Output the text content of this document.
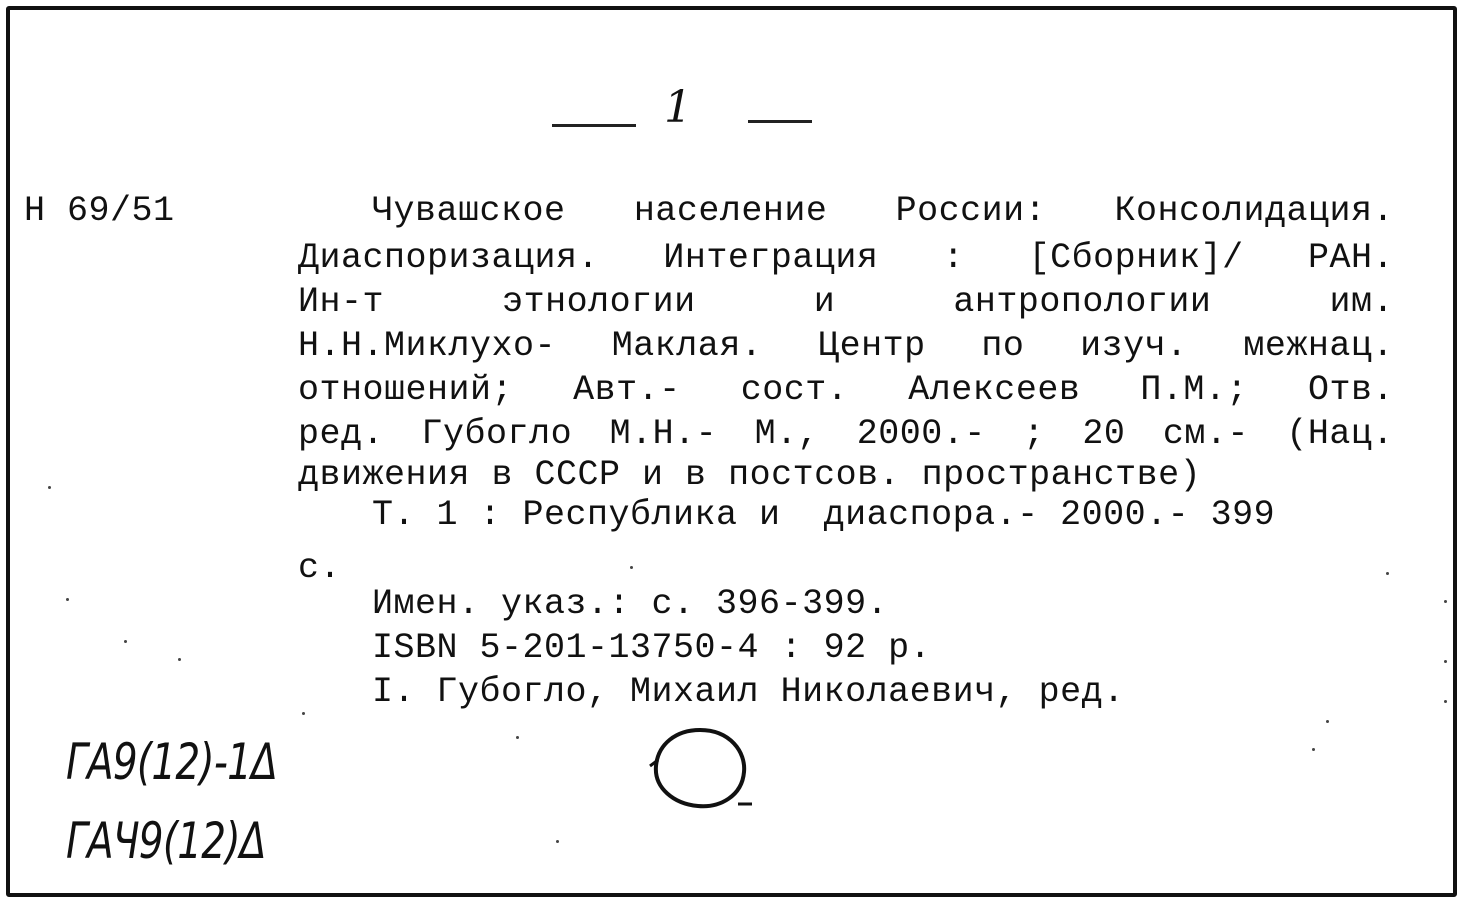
1
Н 69/51	Чувашское население России: Консолидация.
Диаспоризация. Интеграция : [Сборник]/ РАН.
Ин-т	этнологии	и	антропологии	им.
Н.Н.Миклухо- Маклая. Центр по изуч. межнац.
отношений; Авт.- сост. Алексеев П.М.; Отв.
ред. Губогло М.Н.- М., 2000.- ; 20 см.- (Нац.
движения в СССР и в постсов. пространстве)
Т. 1 : Республика и  диаспора.- 2000.- 399
с.
Имен. указ.: с. 396-399.
ISBN 5-201-13750-4 : 92 р.
I. Губогло, Михаил Николаевич, ред.
ГА9(12)-1Δ
ГАЧ9(12)Δ
